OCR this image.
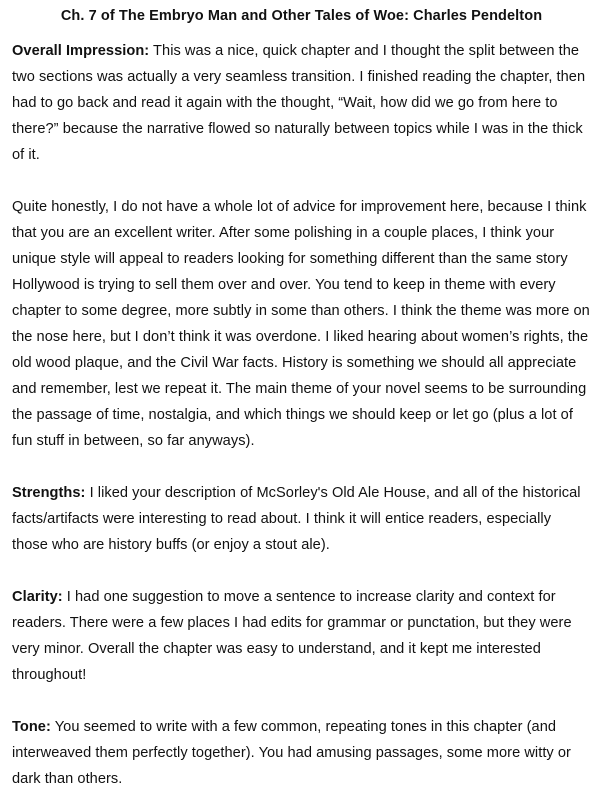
Ch. 7 of The Embryo Man and Other Tales of Woe: Charles Pendelton

Overall Impression: This was a nice, quick chapter and I thought the split between the two sections was actually a very seamless transition. I finished reading the chapter, then had to go back and read it again with the thought, “Wait, how did we go from here to there?” because the narrative flowed so naturally between topics while I was in the thick of it.

Quite honestly, I do not have a whole lot of advice for improvement here, because I think that you are an excellent writer. After some polishing in a couple places, I think your unique style will appeal to readers looking for something different than the same story Hollywood is trying to sell them over and over. You tend to keep in theme with every chapter to some degree, more subtly in some than others. I think the theme was more on the nose here, but I don’t think it was overdone. I liked hearing about women’s rights, the old wood plaque, and the Civil War facts. History is something we should all appreciate and remember, lest we repeat it. The main theme of your novel seems to be surrounding the passage of time, nostalgia, and which things we should keep or let go (plus a lot of fun stuff in between, so far anyways).

Strengths: I liked your description of McSorley's Old Ale House, and all of the historical facts/artifacts were interesting to read about. I think it will entice readers, especially those who are history buffs (or enjoy a stout ale).

Clarity: I had one suggestion to move a sentence to increase clarity and context for readers. There were a few places I had edits for grammar or punctation, but they were very minor. Overall the chapter was easy to understand, and it kept me interested throughout!

Tone: You seemed to write with a few common, repeating tones in this chapter (and interweaved them perfectly together). You had amusing passages, some more witty or dark than others.
